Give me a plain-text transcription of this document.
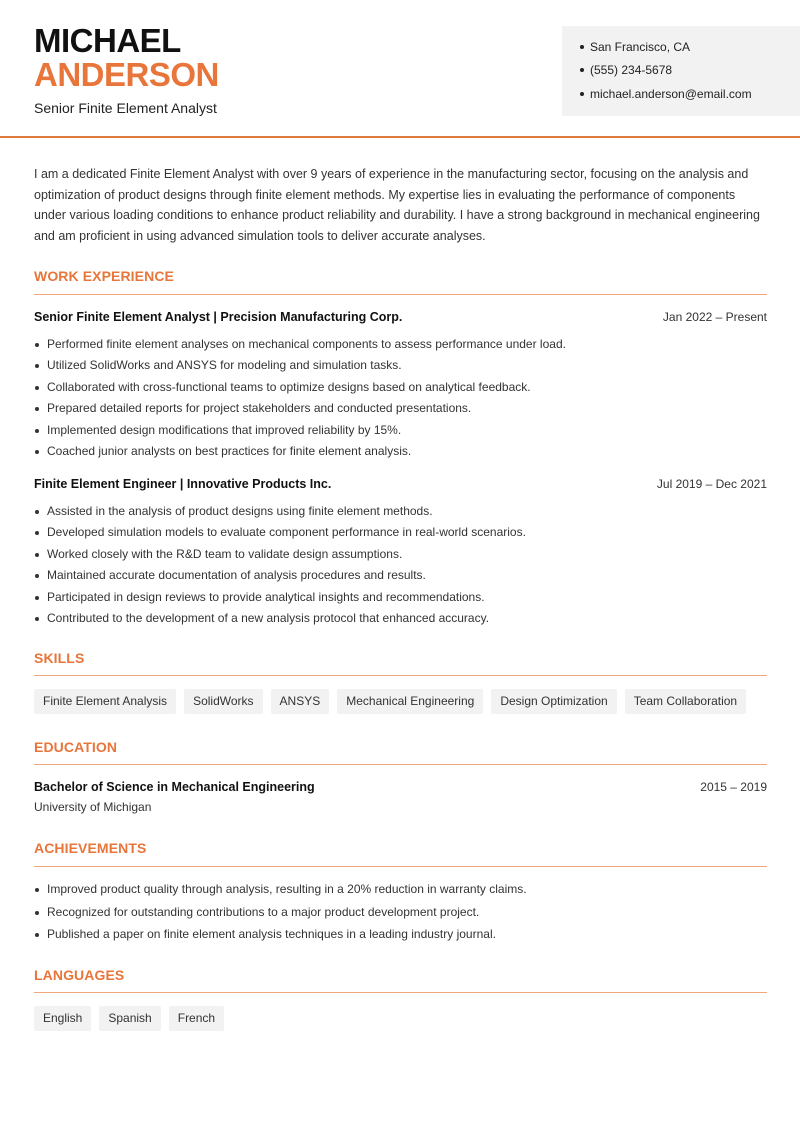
MICHAEL
ANDERSON
Senior Finite Element Analyst
San Francisco, CA
(555) 234-5678
michael.anderson@email.com
I am a dedicated Finite Element Analyst with over 9 years of experience in the manufacturing sector, focusing on the analysis and optimization of product designs through finite element methods. My expertise lies in evaluating the performance of components under various loading conditions to enhance product reliability and durability. I have a strong background in mechanical engineering and am proficient in using advanced simulation tools to deliver accurate analyses.
WORK EXPERIENCE
Senior Finite Element Analyst | Precision Manufacturing Corp.	Jan 2022 – Present
Performed finite element analyses on mechanical components to assess performance under load.
Utilized SolidWorks and ANSYS for modeling and simulation tasks.
Collaborated with cross-functional teams to optimize designs based on analytical feedback.
Prepared detailed reports for project stakeholders and conducted presentations.
Implemented design modifications that improved reliability by 15%.
Coached junior analysts on best practices for finite element analysis.
Finite Element Engineer | Innovative Products Inc.	Jul 2019 – Dec 2021
Assisted in the analysis of product designs using finite element methods.
Developed simulation models to evaluate component performance in real-world scenarios.
Worked closely with the R&D team to validate design assumptions.
Maintained accurate documentation of analysis procedures and results.
Participated in design reviews to provide analytical insights and recommendations.
Contributed to the development of a new analysis protocol that enhanced accuracy.
SKILLS
Finite Element Analysis	SolidWorks	ANSYS	Mechanical Engineering	Design Optimization	Team Collaboration
EDUCATION
Bachelor of Science in Mechanical Engineering	2015 – 2019
University of Michigan
ACHIEVEMENTS
Improved product quality through analysis, resulting in a 20% reduction in warranty claims.
Recognized for outstanding contributions to a major product development project.
Published a paper on finite element analysis techniques in a leading industry journal.
LANGUAGES
English	Spanish	French
